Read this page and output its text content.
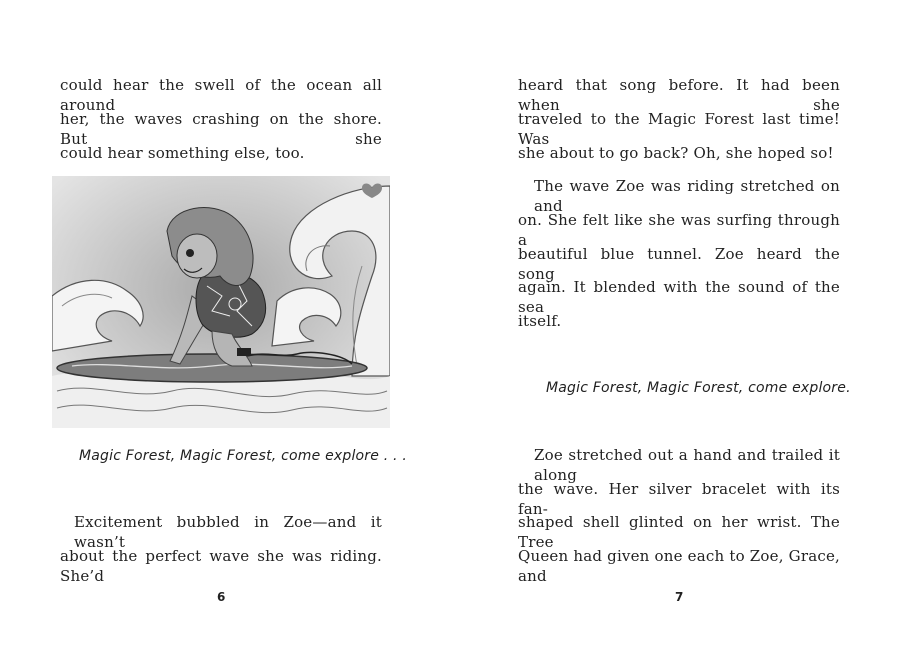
could hear the swell of the ocean all around
her, the waves crashing on the shore. But she
could hear something else, too.
Magic Forest, Magic Forest, come explore . . .
Excitement bubbled in Zoe—and it wasn’t
about the perfect wave she was riding. She’d
6
heard that song before. It had been when she
traveled to the Magic Forest last time! Was
she about to go back? Oh, she hoped so!
The wave Zoe was riding stretched on and
on. She felt like she was surfing through a
beautiful blue tunnel. Zoe heard the song
again. It blended with the sound of the sea
itself.
Magic Forest, Magic Forest, come explore.
Zoe stretched out a hand and trailed it along
the wave. Her silver bracelet with its fan-
shaped shell glinted on her wrist. The Tree
Queen had given one each to Zoe, Grace, and
7
